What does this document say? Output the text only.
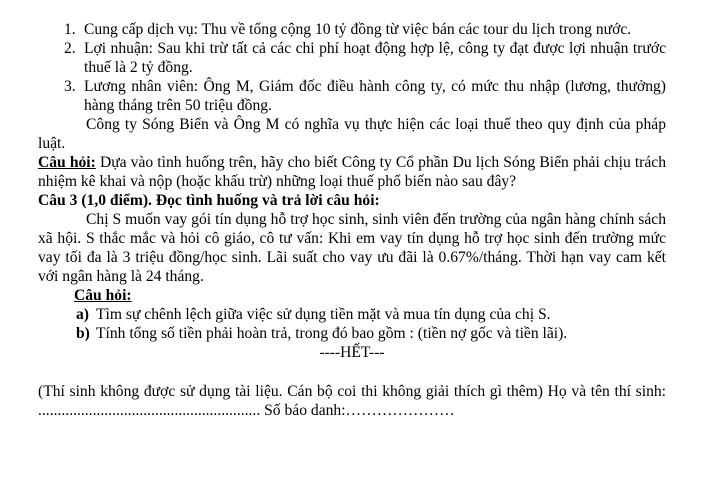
1. Cung cấp dịch vụ: Thu về tổng cộng 10 tỷ đồng từ việc bán các tour du lịch trong nước.
2. Lợi nhuận: Sau khi trừ tất cả các chi phí hoạt động hợp lệ, công ty đạt được lợi nhuận trước thuế là 2 tỷ đồng.
3. Lương nhân viên: Ông M, Giám đốc điều hành công ty, có mức thu nhập (lương, thưởng) hàng tháng trên 50 triệu đồng.

Công ty Sóng Biển và Ông M có nghĩa vụ thực hiện các loại thuế theo quy định của pháp luật.

Câu hỏi: Dựa vào tình huống trên, hãy cho biết Công ty Cổ phần Du lịch Sóng Biển phải chịu trách nhiệm kê khai và nộp (hoặc khấu trừ) những loại thuế phổ biến nào sau đây?

Câu 3 (1,0 điểm). Đọc tình huống và trả lời câu hỏi:

Chị S muốn vay gói tín dụng hỗ trợ học sinh, sinh viên đến trường của ngân hàng chính sách xã hội. S thắc mắc và hỏi cô giáo, cô tư vấn: Khi em vay tín dụng hỗ trợ học sinh đến trường mức vay tối đa là 3 triệu đồng/học sinh. Lãi suất cho vay ưu đãi là 0.67%/tháng. Thời hạn vay cam kết với ngân hàng là 24 tháng.

Câu hỏi:
a) Tìm sự chênh lệch giữa việc sử dụng tiền mặt và mua tín dụng của chị S.
b) Tính tổng số tiền phải hoàn trả, trong đó bao gồm : (tiền nợ gốc và tiền lãi).
----HẾT---

(Thí sinh không được sử dụng tài liệu. Cán bộ coi thi không giải thích gì thêm) Họ và tên thí sinh: ......................................................... Số báo danh:…………………
